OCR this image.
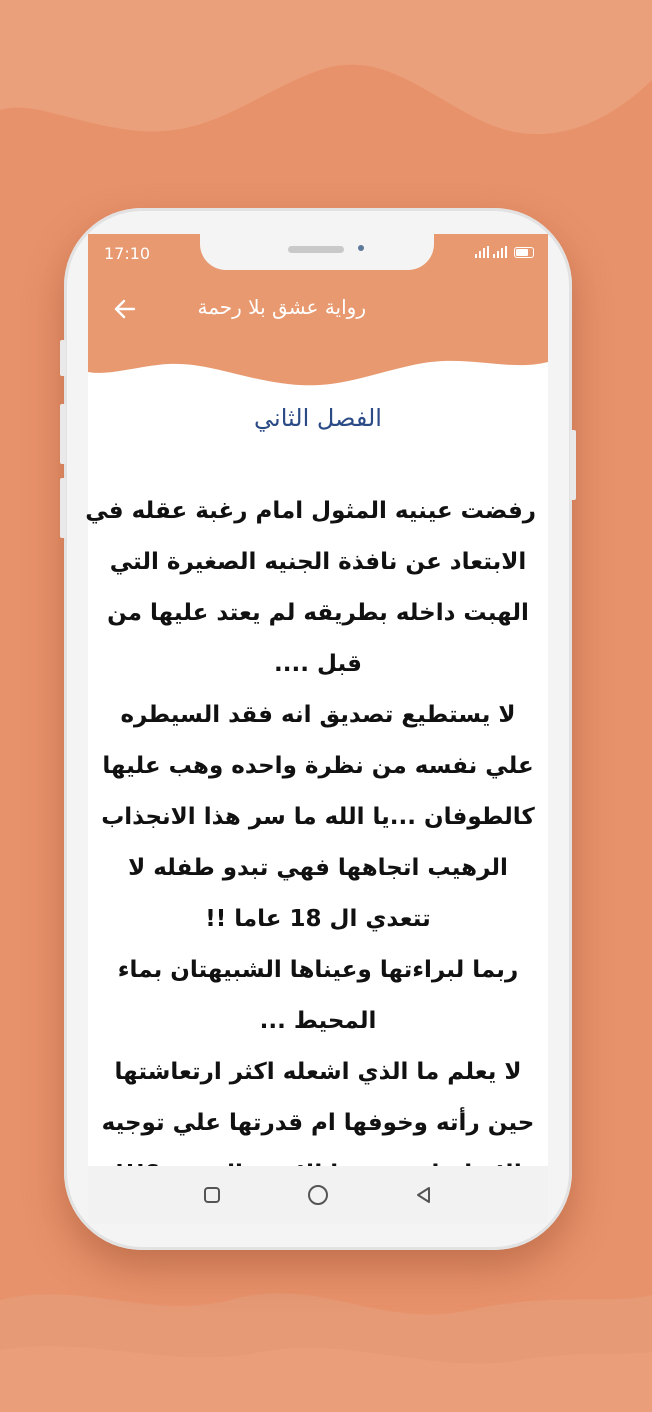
17:10
رواية عشق بلا رحمة
الفصل الثاني
رفضت عينيه المثول امام رغبة عقله في
الابتعاد عن نافذة الجنيه الصغيرة التي
الهبت داخله بطريقه لم يعتد عليها من
قبل ....
لا يستطيع تصديق انه فقد السيطره
علي نفسه من نظرة واحده وهب عليها
كالطوفان ...يا الله ما سر هذا الانجذاب
الرهيب اتجاهها فهي تبدو طفله لا
تتعدي ال 18 عاما !!
ربما لبراءتها وعيناها الشبيهتان بماء
المحيط ...
لا يعلم ما الذي اشعله اكثر ارتعاشتها
حين رأته وخوفها ام قدرتها علي توجيه
